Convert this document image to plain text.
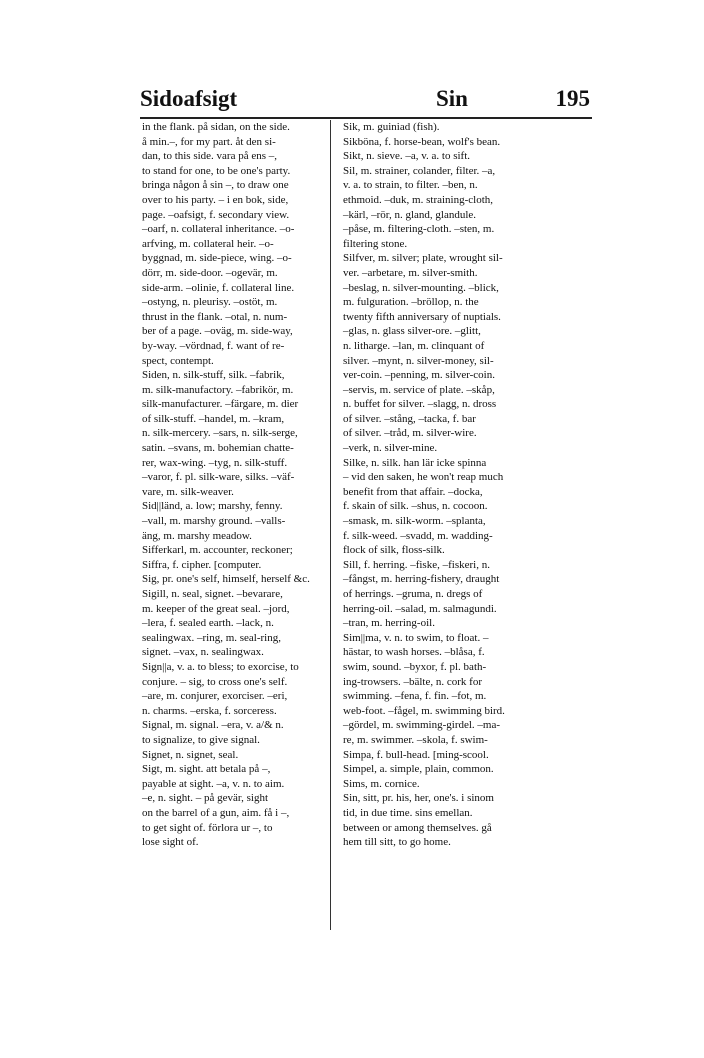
Sidoafsigt	Sin	195
in the flank. på sidan, on the side.
å min.–, for my part. åt den si-
dan, to this side. vara på ens –,
to stand for one, to be one's party.
bringa någon å sin –, to draw one
over to his party. – i en bok, side,
page. –oafsigt, f. secondary view.
–oarf, n. collateral inheritance. –o-
arfving, m. collateral heir. –o-
byggnad, m. side-piece, wing. –o-
dörr, m. side-door. –ogevär, m.
side-arm. –olinie, f. collateral line.
–ostyng, n. pleurisy. –ostöt, m.
thrust in the flank. –otal, n. num-
ber of a page. –oväg, m. side-way,
by-way. –vördnad, f. want of re-
spect, contempt.
Siden, n. silk-stuff, silk. –fabrik,
m. silk-manufactory. –fabrikör, m.
silk-manufacturer. –färgare, m. dier
of silk-stuff. –handel, m. –kram,
n. silk-mercery. –sars, n. silk-serge,
satin. –svans, m. bohemian chatte-
rer, wax-wing. –tyg, n. silk-stuff.
–varor, f. pl. silk-ware, silks. –väf-
vare, m. silk-weaver.
Sid||länd, a. low; marshy, fenny.
–vall, m. marshy ground. –valls-
äng, m. marshy meadow.
Sifferkarl, m. accounter, reckoner;
Siffra, f. cipher. [computer.
Sig, pr. one's self, himself, herself &c.
Sigill, n. seal, signet. –bevarare,
m. keeper of the great seal. –jord,
–lera, f. sealed earth. –lack, n.
sealingwax. –ring, m. seal-ring,
signet. –vax, n. sealingwax.
Sign||a, v. a. to bless; to exorcise, to
conjure. – sig, to cross one's self.
–are, m. conjurer, exorciser. –eri,
n. charms. –erska, f. sorceress.
Signal, m. signal. –era, v. a/& n.
to signalize, to give signal.
Signet, n. signet, seal.
Sigt, m. sight. att betala på –,
payable at sight. –a, v. n. to aim.
–e, n. sight. – på gevär, sight
on the barrel of a gun, aim. få i –,
to get sight of. förlora ur –, to
lose sight of.
Sik, m. guiniad (fish).
Sikböna, f. horse-bean, wolf's bean.
Sikt, n. sieve. –a, v. a. to sift.
Sil, m. strainer, colander, filter. –a,
v. a. to strain, to filter. –ben, n.
ethmoid. –duk, m. straining-cloth,
–kärl, –rör, n. gland, glandule.
–påse, m. filtering-cloth. –sten, m.
filtering stone.
Silfver, m. silver; plate, wrought sil-
ver. –arbetare, m. silver-smith.
–beslag, n. silver-mounting. –blick,
m. fulguration. –bröllop, n. the
twenty fifth anniversary of nuptials.
–glas, n. glass silver-ore. –glitt,
n. litharge. –lan, m. clinquant of
silver. –mynt, n. silver-money, sil-
ver-coin. –penning, m. silver-coin.
–servis, m. service of plate. –skåp,
n. buffet for silver. –slagg, n. dross
of silver. –stång, –tacka, f. bar
of silver. –tråd, m. silver-wire.
–verk, n. silver-mine.
Silke, n. silk. han lär icke spinna
– vid den saken, he won't reap much
benefit from that affair. –docka,
f. skain of silk. –shus, n. cocoon.
–smask, m. silk-worm. –splanta,
f. silk-weed. –svadd, m. wadding-
flock of silk, floss-silk.
Sill, f. herring. –fiske, –fiskeri, n.
–fångst, m. herring-fishery, draught
of herrings. –gruma, n. dregs of
herring-oil. –salad, m. salmagundi.
–tran, m. herring-oil.
Sim||ma, v. n. to swim, to float. –
hästar, to wash horses. –blåsa, f.
swim, sound. –byxor, f. pl. bath-
ing-trowsers. –bälte, n. cork for
swimming. –fena, f. fin. –fot, m.
web-foot. –fågel, m. swimming bird.
–gördel, m. swimming-girdel. –ma-
re, m. swimmer. –skola, f. swim-
Simpa, f. bull-head. [ming-scool.
Simpel, a. simple, plain, common.
Sims, m. cornice.
Sin, sitt, pr. his, her, one's. i sinom
tid, in due time. sins emellan.
between or among themselves. gå
hem till sitt, to go home.
